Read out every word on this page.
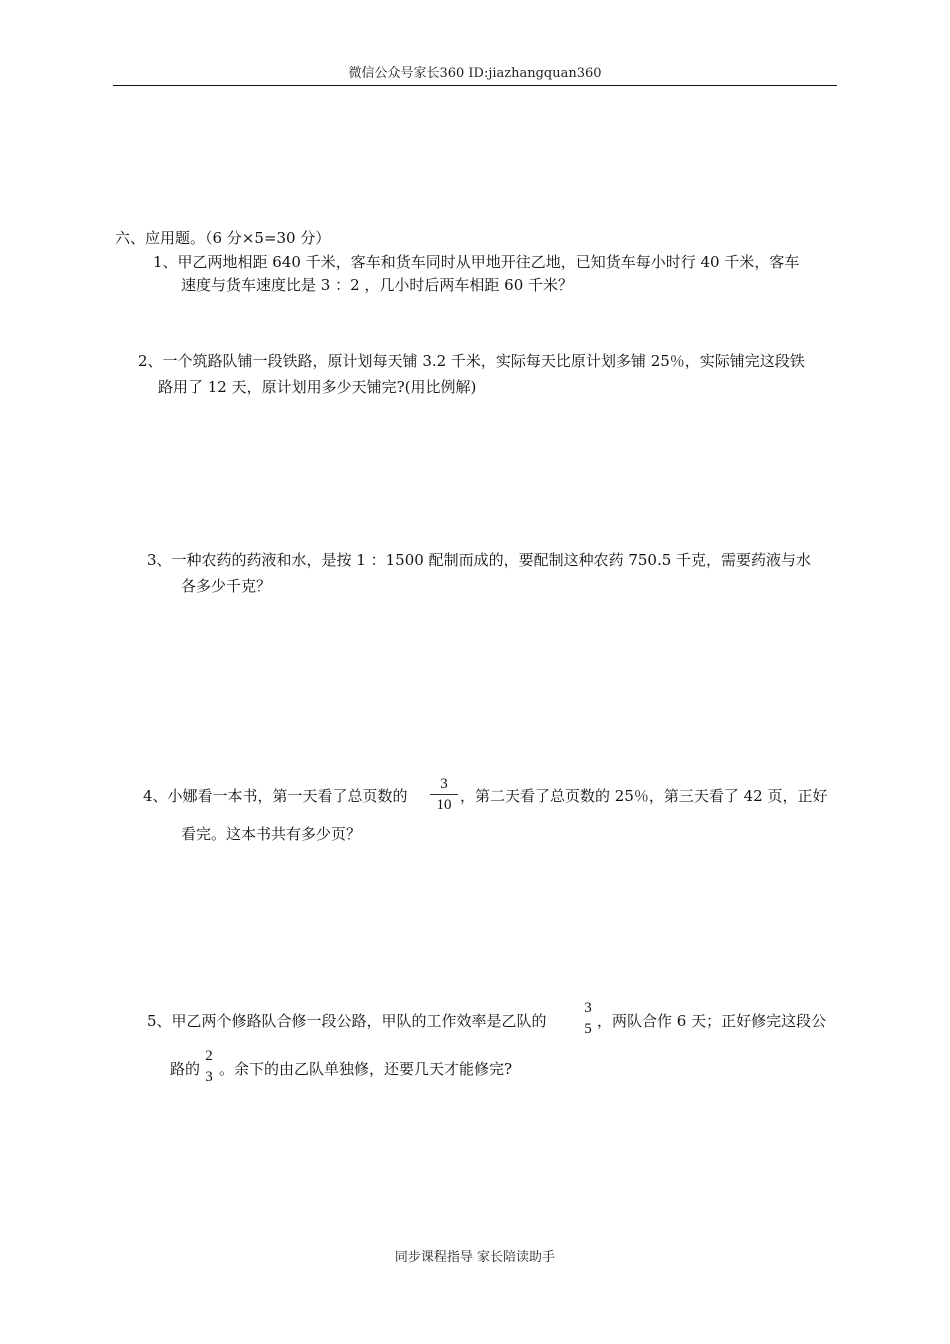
微信公众号家长360 ID:jiazhangquan360
六、应用题。（6 分×5=30 分）
1、甲乙两地相距 640 千米，客车和货车同时从甲地开往乙地，已知货车每小时行 40 千米，客车
速度与货车速度比是 3 ：2 ，几小时后两车相距 60 千米？
2、一个筑路队铺一段铁路，原计划每天铺 3.2 千米，实际每天比原计划多铺 25％，实际铺完这段铁
路用了 12 天，原计划用多少天铺完?(用比例解)
3、一种农药的药液和水，是按 1 ：1500 配制而成的，要配制这种农药 750.5 千克，需要药液与水
各多少千克？
4、小娜看一本书，第一天看了总页数的
3
10 ，第二天看了总页数的 25％，第三天看了 42 页，正好
看完。这本书共有多少页？
5、甲乙两个修路队合修一段公路，甲队的工作效率是乙队的
3
5 ，两队合作 6 天；正好修完这段公
路的
2
3 。余下的由乙队单独修，还要几天才能修完?
同步课程指导 家长陪读助手
